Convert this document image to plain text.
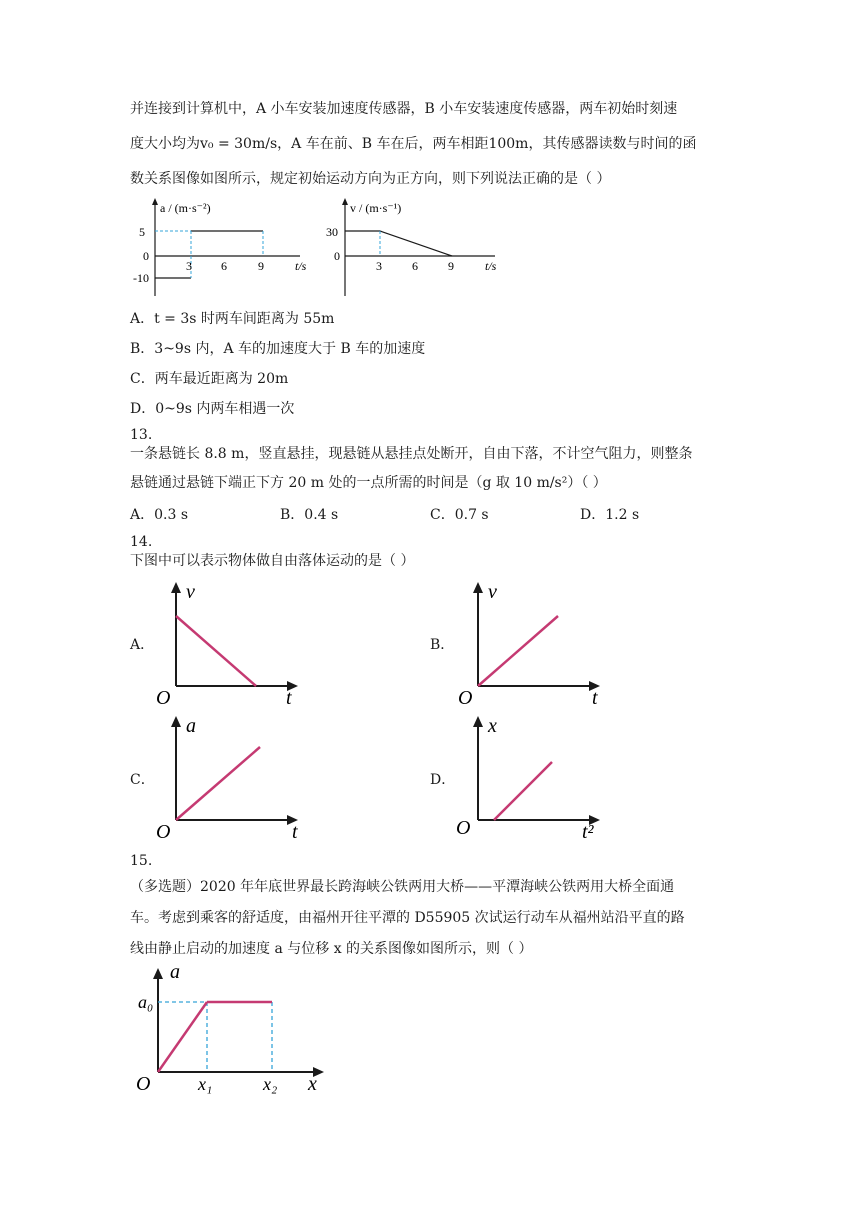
并连接到计算机中，A 小车安装加速度传感器，B 小车安装速度传感器，两车初始时刻速
度大小均为v₀ = 30m/s，A 车在前、B 车在后，两车相距100m，其传感器读数与时间的函
数关系图像如图所示，规定初始运动方向为正方向，则下列说法正确的是（ ）
a / (m·s⁻²)
5
0
-10
3 6	9	t/s
v / (m·s⁻¹)
30
0
3	6	9	t/s
A．t = 3s 时两车间距离为 55m
B．3~9s 内，A 车的加速度大于 B 车的加速度
C．两车最近距离为 20m
D．0~9s 内两车相遇一次
13.
一条悬链长 8.8 m，竖直悬挂，现悬链从悬挂点处断开，自由下落，不计空气阻力，则整条
悬链通过悬链下端正下方 20 m 处的一点所需的时间是（g 取 10 m/s²）（ ）
A．0.3 s	B．0.4 s	C．0.7 s	D．1.2 s
14.
下图中可以表示物体做自由落体运动的是（ ）
A．	B．
C．	D．
v
O	t
v
O	t
a
O	t
x
O	t²
15.
（多选题）2020 年年底世界最长跨海峡公铁两用大桥——平潭海峡公铁两用大桥全面通
车。考虑到乘客的舒适度，由福州开往平潭的 D55905 次试运行动车从福州站沿平直的路
线由静止启动的加速度 a 与位移 x 的关系图像如图所示，则（ ）
a
a₀
O	x₁	x₂ x
